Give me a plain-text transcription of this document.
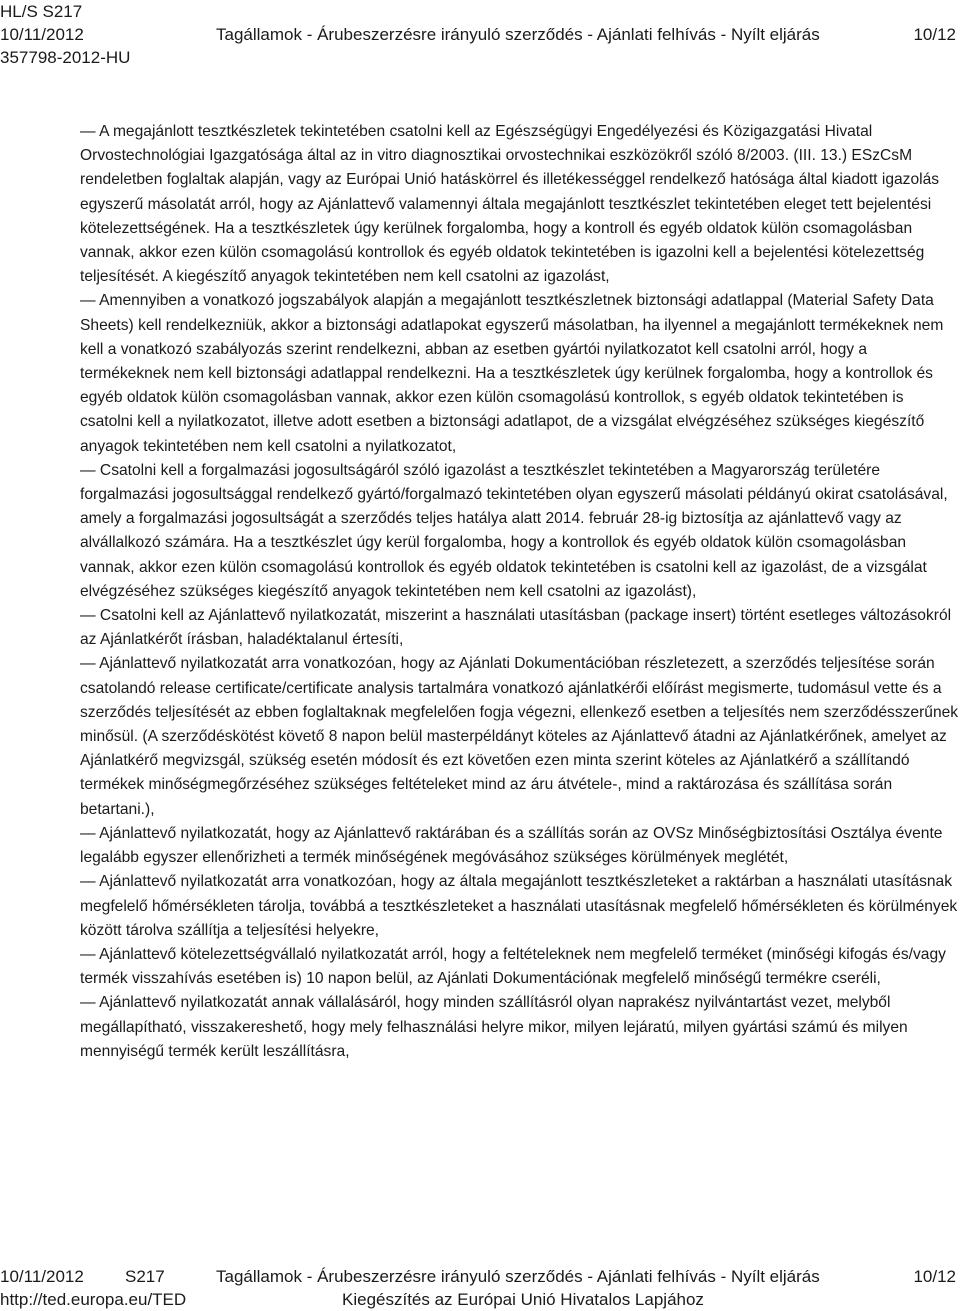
HL/S S217
10/11/2012	Tagállamok - Árubeszerzésre irányuló szerződés - Ajánlati felhívás - Nyílt eljárás	10/12
357798-2012-HU

— A megajánlott tesztkészletek tekintetében csatolni kell az Egészségügyi Engedélyezési és Közigazgatási Hivatal Orvostechnológiai Igazgatósága által az in vitro diagnosztikai orvostechnikai eszközökről szóló 8/2003. (III. 13.) ESzCsM rendeletben foglaltak alapján, vagy az Európai Unió hatáskörrel és illetékességgel rendelkező hatósága által kiadott igazolás egyszerű másolatát arról, hogy az Ajánlattevő valamennyi általa megajánlott tesztkészlet tekintetében eleget tett bejelentési kötelezettségének. Ha a tesztkészletek úgy kerülnek forgalomba, hogy a kontroll és egyéb oldatok külön csomagolásban vannak, akkor ezen külön csomagolású kontrollok és egyéb oldatok tekintetében is igazolni kell a bejelentési kötelezettség teljesítését. A kiegészítő anyagok tekintetében nem kell csatolni az igazolást,

— Amennyiben a vonatkozó jogszabályok alapján a megajánlott tesztkészletnek biztonsági adatlappal (Material Safety Data Sheets) kell rendelkezniük, akkor a biztonsági adatlapokat egyszerű másolatban, ha ilyennel a megajánlott termékeknek nem kell a vonatkozó szabályozás szerint rendelkezni, abban az esetben gyártói nyilatkozatot kell csatolni arról, hogy a termékeknek nem kell biztonsági adatlappal rendelkezni. Ha a tesztkészletek úgy kerülnek forgalomba, hogy a kontrollok és egyéb oldatok külön csomagolásban vannak, akkor ezen külön csomagolású kontrollok, s egyéb oldatok tekintetében is csatolni kell a nyilatkozatot, illetve adott esetben a biztonsági adatlapot, de a vizsgálat elvégzéséhez szükséges kiegészítő anyagok tekintetében nem kell csatolni a nyilatkozatot,

— Csatolni kell a forgalmazási jogosultságáról szóló igazolást a tesztkészlet tekintetében a Magyarország területére forgalmazási jogosultsággal rendelkező gyártó/forgalmazó tekintetében olyan egyszerű másolati példányú okirat csatolásával, amely a forgalmazási jogosultságát a szerződés teljes hatálya alatt 2014. február 28-ig biztosítja az ajánlattevő vagy az alvállalkozó számára. Ha a tesztkészlet úgy kerül forgalomba, hogy a kontrollok és egyéb oldatok külön csomagolásban vannak, akkor ezen külön csomagolású kontrollok és egyéb oldatok tekintetében is csatolni kell az igazolást, de a vizsgálat elvégzéséhez szükséges kiegészítő anyagok tekintetében nem kell csatolni az igazolást),

— Csatolni kell az Ajánlattevő nyilatkozatát, miszerint a használati utasításban (package insert) történt esetleges változásokról az Ajánlatkérőt írásban, haladéktalanul értesíti,

— Ajánlattevő nyilatkozatát arra vonatkozóan, hogy az Ajánlati Dokumentációban részletezett, a szerződés teljesítése során csatolandó release certificate/certificate analysis tartalmára vonatkozó ajánlatkérői előírást megismerte, tudomásul vette és a szerződés teljesítését az ebben foglaltaknak megfelelően fogja végezni, ellenkező esetben a teljesítés nem szerződésszerűnek minősül. (A szerződéskötést követő 8 napon belül masterpéldányt köteles az Ajánlattevő átadni az Ajánlatkérőnek, amelyet az Ajánlatkérő megvizsgál, szükség esetén módosít és ezt követően ezen minta szerint köteles az Ajánlatkérő a szállítandó termékek minőségmegőrzéséhez szükséges feltételeket mind az áru átvétele-, mind a raktározása és szállítása során betartani.),

— Ajánlattevő nyilatkozatát, hogy az Ajánlattevő raktárában és a szállítás során az OVSz Minőségbiztosítási Osztálya évente legalább egyszer ellenőrizheti a termék minőségének megóvásához szükséges körülmények meglétét,

— Ajánlattevő nyilatkozatát arra vonatkozóan, hogy az általa megajánlott tesztkészleteket a raktárban a használati utasításnak megfelelő hőmérsékleten tárolja, továbbá a tesztkészleteket a használati utasításnak megfelelő hőmérsékleten és körülmények között tárolva szállítja a teljesítési helyekre,

— Ajánlattevő kötelezettségvállaló nyilatkozatát arról, hogy a feltételeknek nem megfelelő terméket (minőségi kifogás és/vagy termék visszahívás esetében is) 10 napon belül, az Ajánlati Dokumentációnak megfelelő minőségű termékre cseréli,

— Ajánlattevő nyilatkozatát annak vállalásáról, hogy minden szállításról olyan naprakész nyilvántartást vezet, melyből megállapítható, visszakereshető, hogy mely felhasználási helyre mikor, milyen lejáratú, milyen gyártási számú és milyen mennyiségű termék került leszállításra,

10/11/2012 S217	Tagállamok - Árubeszerzésre irányuló szerződés - Ajánlati felhívás - Nyílt eljárás	10/12
http://ted.europa.eu/TED	Kiegészítés az Európai Unió Hivatalos Lapjához
